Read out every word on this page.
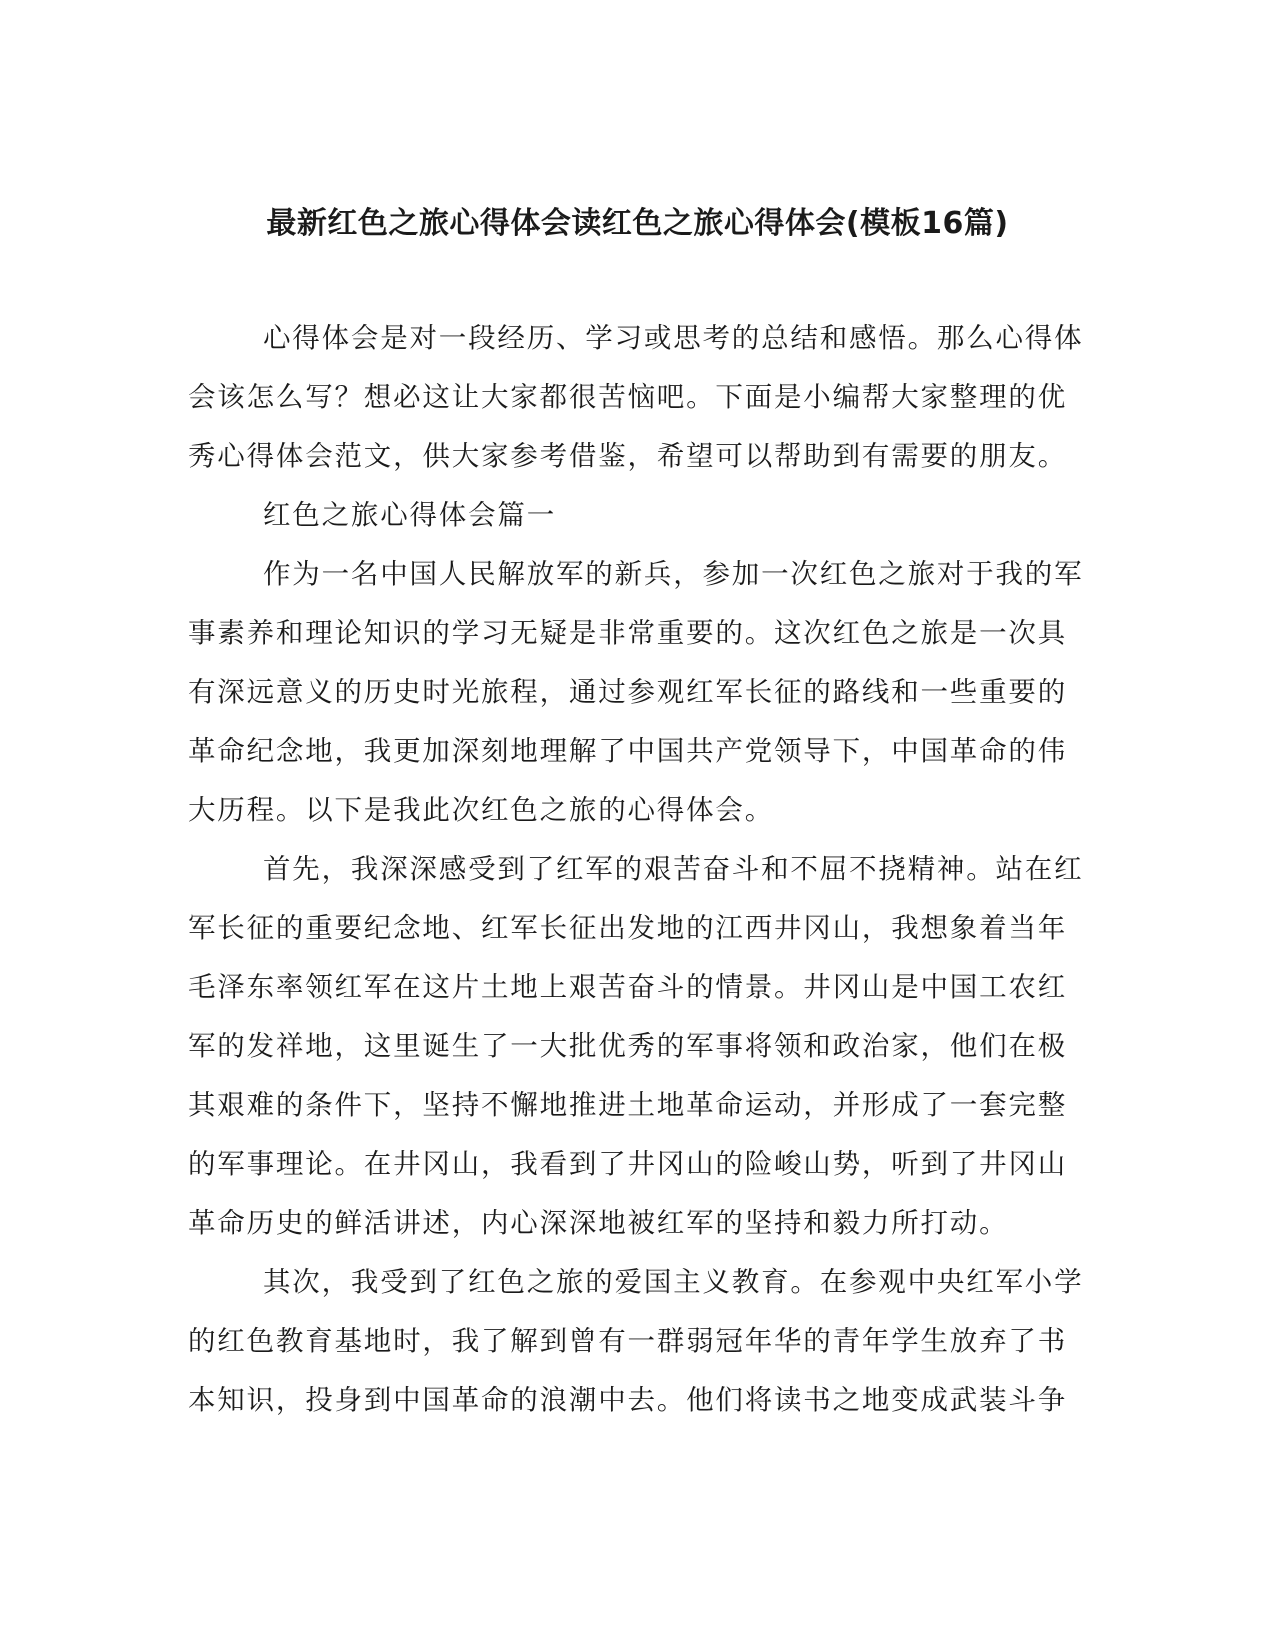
最新红色之旅心得体会读红色之旅心得体会(模板16篇)
心得体会是对一段经历、学习或思考的总结和感悟。那么心得体
会该怎么写？想必这让大家都很苦恼吧。下面是小编帮大家整理的优
秀心得体会范文，供大家参考借鉴，希望可以帮助到有需要的朋友。
红色之旅心得体会篇一
作为一名中国人民解放军的新兵，参加一次红色之旅对于我的军
事素养和理论知识的学习无疑是非常重要的。这次红色之旅是一次具
有深远意义的历史时光旅程，通过参观红军长征的路线和一些重要的
革命纪念地，我更加深刻地理解了中国共产党领导下，中国革命的伟
大历程。以下是我此次红色之旅的心得体会。
首先，我深深感受到了红军的艰苦奋斗和不屈不挠精神。站在红
军长征的重要纪念地、红军长征出发地的江西井冈山，我想象着当年
毛泽东率领红军在这片土地上艰苦奋斗的情景。井冈山是中国工农红
军的发祥地，这里诞生了一大批优秀的军事将领和政治家，他们在极
其艰难的条件下，坚持不懈地推进土地革命运动，并形成了一套完整
的军事理论。在井冈山，我看到了井冈山的险峻山势，听到了井冈山
革命历史的鲜活讲述，内心深深地被红军的坚持和毅力所打动。
其次，我受到了红色之旅的爱国主义教育。在参观中央红军小学
的红色教育基地时，我了解到曾有一群弱冠年华的青年学生放弃了书
本知识，投身到中国革命的浪潮中去。他们将读书之地变成武装斗争
